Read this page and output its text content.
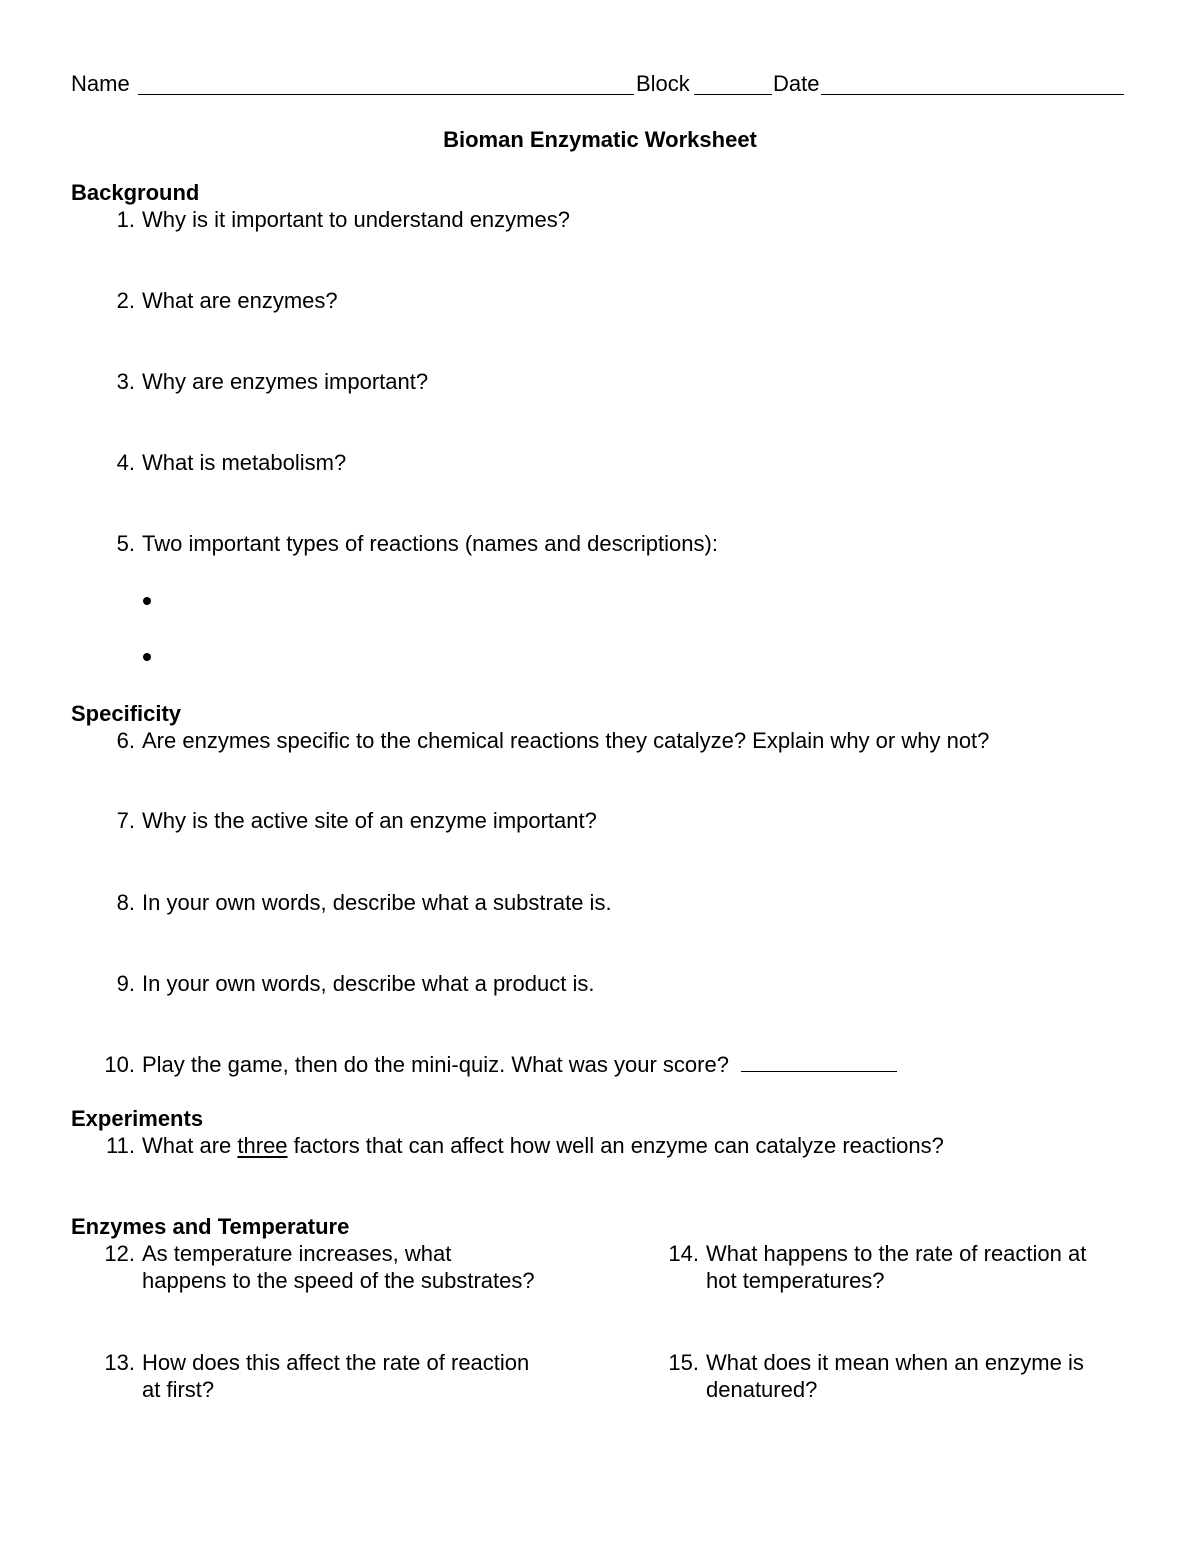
Name	Block	Date
Bioman Enzymatic Worksheet
Background
1. Why is it important to understand enzymes?
2. What are enzymes?
3. Why are enzymes important?
4. What is metabolism?
5. Two important types of reactions (names and descriptions):
Specificity
6. Are enzymes specific to the chemical reactions they catalyze? Explain why or why not?
7. Why is the active site of an enzyme important?
8. In your own words, describe what a substrate is.
9. In your own words, describe what a product is.
10. Play the game, then do the mini-quiz. What was your score?
Experiments
11. What are three factors that can affect how well an enzyme can catalyze reactions?
Enzymes and Temperature
12. As temperature increases, what
happens to the speed of the substrates?
13. How does this affect the rate of reaction
at first?
14. What happens to the rate of reaction at
hot temperatures?
15. What does it mean when an enzyme is
denatured?
